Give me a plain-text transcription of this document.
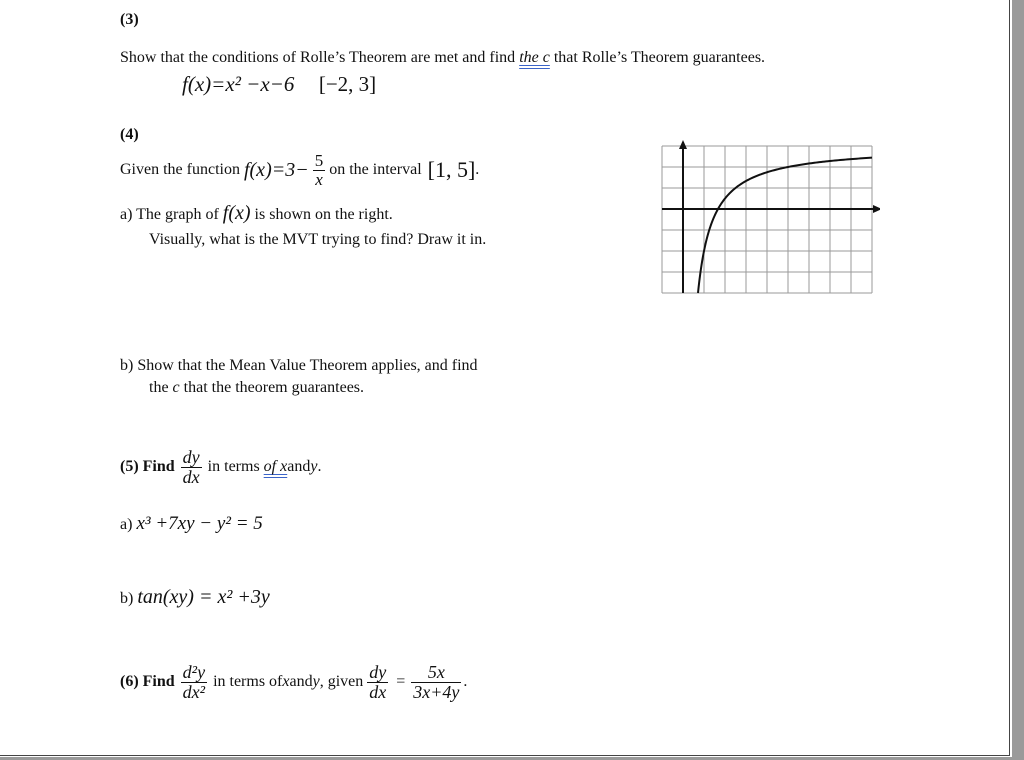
(3)
Show that the conditions of Rolle’s Theorem are met and find the c that Rolle’s Theorem guarantees.
f(x)=x² −x−6 [−2, 3]
(4)
Given the function $f(x)=3- \frac{5}{x}$ on the interval [1, 5] .
a) The graph of f(x) is shown on the right.
Visually, what is the MVT trying to find? Draw it in.
b) Show that the Mean Value Theorem applies, and find
the c that the theorem guarantees.
(5) Find $\frac{dy}{dx}$ in terms of x and y .
a) x³ +7xy − y² = 5
b) tan(xy) = x² +3y
(6) Find $\frac{\text{d²y}}{\text{dx²}}$ in terms of x and y , given $\frac{dy}{dx} = \frac{5x}{3x+4y}$ .
